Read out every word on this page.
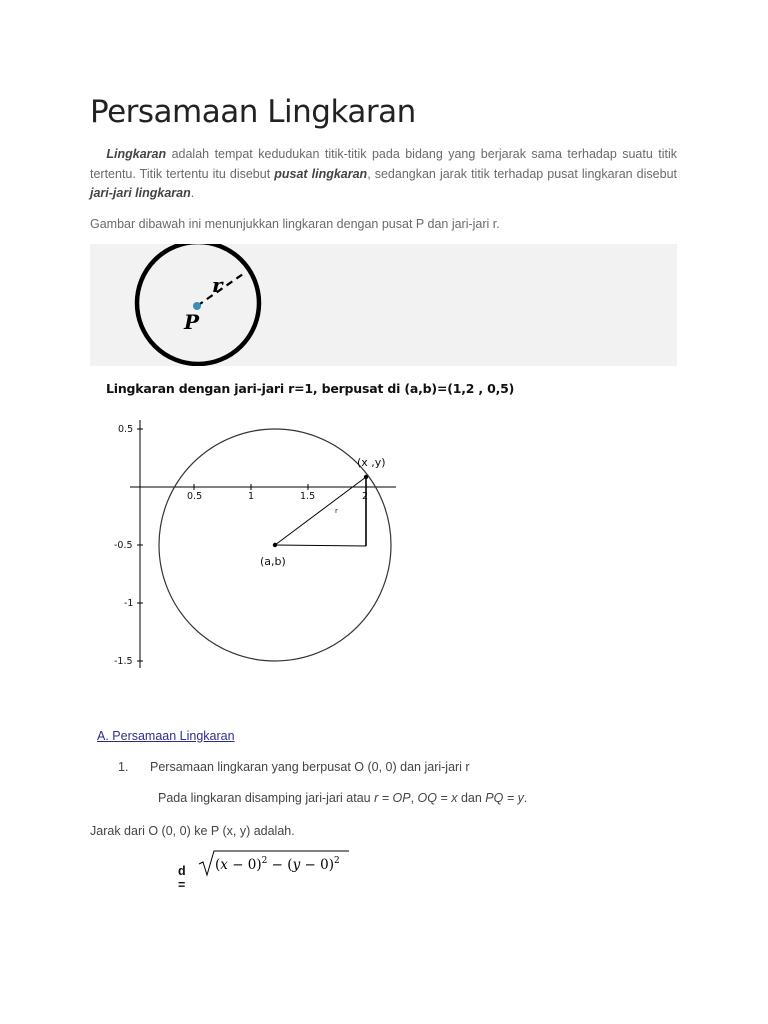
Persamaan Lingkaran

Lingkaran adalah tempat kedudukan titik-titik pada bidang yang berjarak sama terhadap suatu titik tertentu. Titik tertentu itu disebut pusat lingkaran, sedangkan jarak titik terhadap pusat lingkaran disebut jari-jari lingkaran.

Gambar dibawah ini menunjukkan lingkaran dengan pusat P dan jari-jari r.

r
P
Lingkaran dengan jari-jari r=1, berpusat di (a,b)=(1,2 , 0,5)
0.5	1	1.5	2
0.5
-0.5
-1
-1.5
(x ,y)
(a,b)
r
A. Persamaan Lingkaran
1. Persamaan lingkaran yang berpusat O (0, 0) dan jari-jari r
Pada lingkaran disamping jari-jari atau r = OP, OQ = x dan PQ = y.
Jarak dari O (0, 0) ke P (x, y) adalah.
d =
$(x - 0)^2 - (y - 0)^2$
